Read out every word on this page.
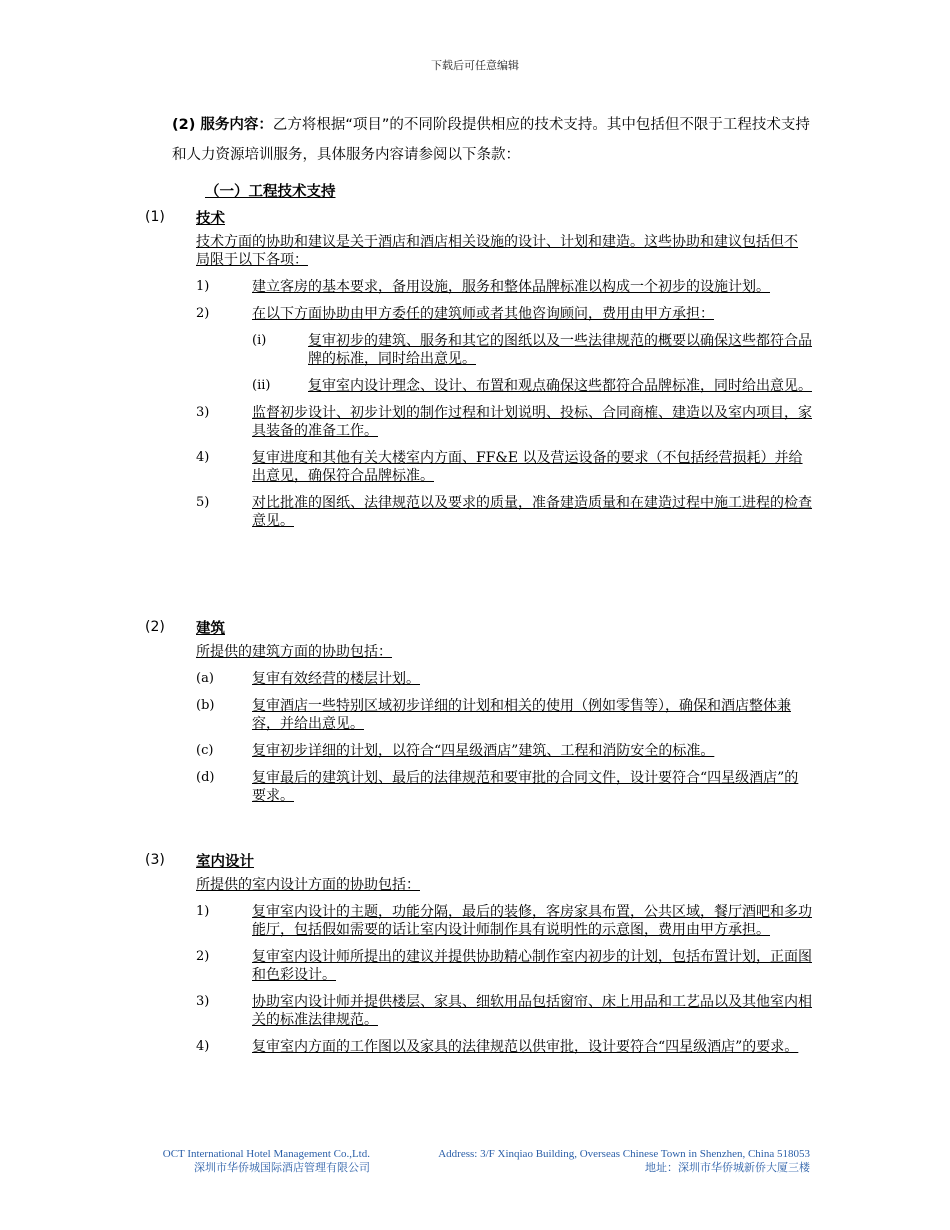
下载后可任意编辑
(2) 服务内容：乙方将根据“项目”的不同阶段提供相应的技术支持。其中包括但不限于工程技术支持和人力资源培训服务，具体服务内容请参阅以下条款：
（一）工程技术支持
(1)	技术
技术方面的协助和建议是关于酒店和酒店相关设施的设计、计划和建造。这些协助和建议包括但不局限于以下各项：
1)	建立客房的基本要求，备用设施，服务和整体品牌标准以构成一个初步的设施计划。
2)	在以下方面协助由甲方委任的建筑师或者其他咨询顾问，费用由甲方承担：
(i)	复审初步的建筑、服务和其它的图纸以及一些法律规范的概要以确保这些都符合品牌的标准，同时给出意见。
(ii)	复审室内设计理念、设计、布置和观点确保这些都符合品牌标准，同时给出意见。
3)	监督初步设计、初步计划的制作过程和计划说明、投标、合同商榷、建造以及室内项目，家具装备的准备工作。
4)	复审进度和其他有关大楼室内方面、FF&E 以及营运设备的要求（不包括经营损耗）并给出意见，确保符合品牌标准。
5)	对比批准的图纸、法律规范以及要求的质量，准备建造质量和在建造过程中施工进程的检查意见。
(2)	建筑
所提供的建筑方面的协助包括：
(a)	复审有效经营的楼层计划。
(b)	复审酒店一些特别区域初步详细的计划和相关的使用（例如零售等），确保和酒店整体兼容，并给出意见。
(c)	复审初步详细的计划，以符合“四星级酒店”建筑、工程和消防安全的标准。
(d)	复审最后的建筑计划、最后的法律规范和要审批的合同文件，设计要符合“四星级酒店”的要求。
(3)	室内设计
所提供的室内设计方面的协助包括：
1)	复审室内设计的主题，功能分隔，最后的装修，客房家具布置，公共区域，餐厅酒吧和多功能厅，包括假如需要的话让室内设计师制作具有说明性的示意图，费用由甲方承担。
2)	复审室内设计师所提出的建议并提供协助精心制作室内初步的计划，包括布置计划，正面图和色彩设计。
3)	协助室内设计师并提供楼层、家具、细软用品包括窗帘、床上用品和工艺品以及其他室内相关的标准法律规范。
4)	复审室内方面的工作图以及家具的法律规范以供审批，设计要符合“四星级酒店”的要求。
OCT International Hotel Management Co.,Ltd.
深圳市华侨城国际酒店管理有限公司
Address: 3/F Xinqiao Building, Overseas Chinese Town in Shenzhen, China 518053
地址：深圳市华侨城新侨大厦三楼
